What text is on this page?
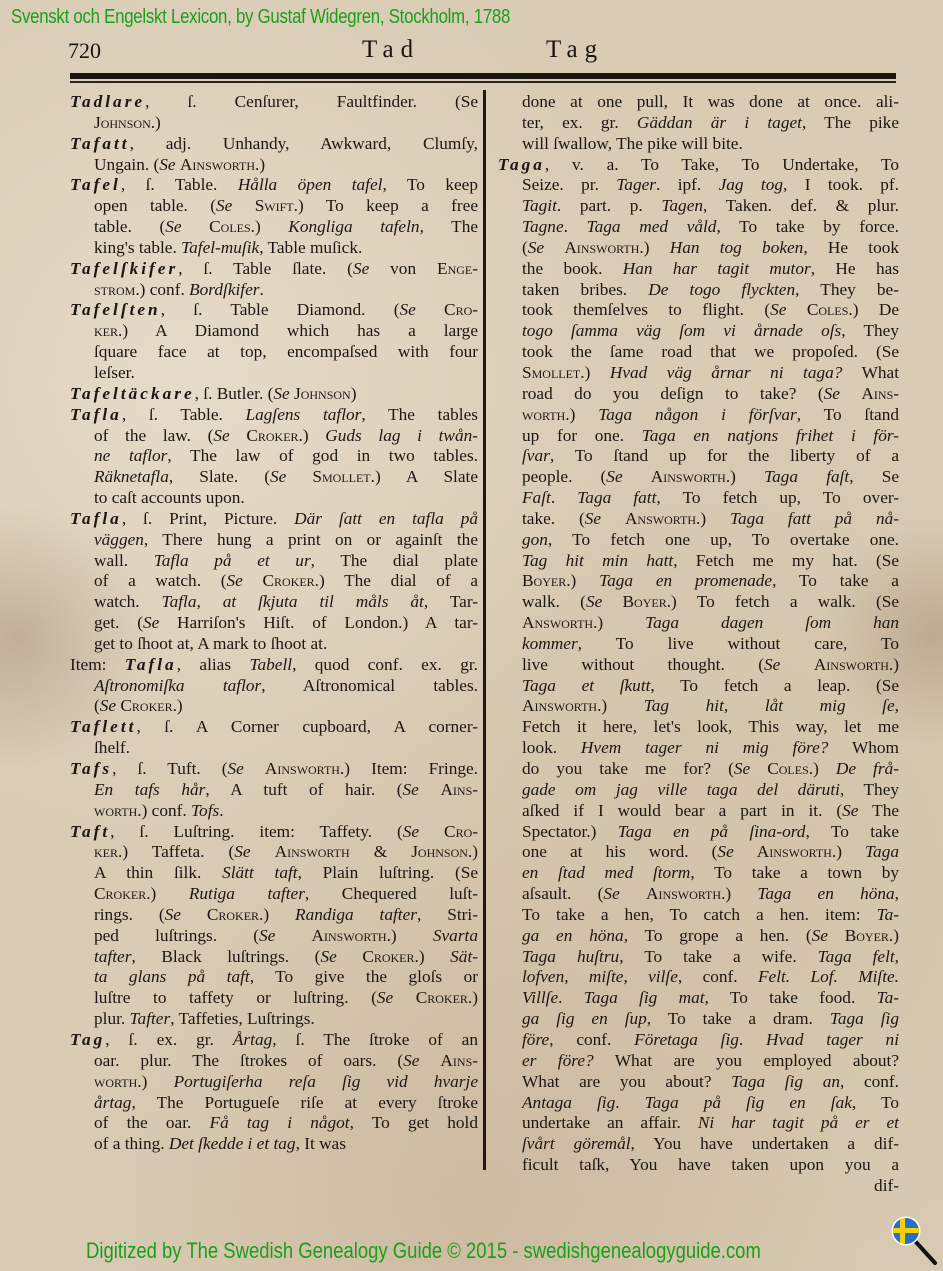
Svenskt och Engelskt Lexicon, by Gustaf Widegren, Stockholm, 1788
720	Tad	Tag
Tadlare, ſ. Cenſurer, Faultfinder. (Se
Johnson.)
Tafatt, adj. Unhandy, Awkward, Clumſy,
Ungain. (Se Ainsworth.)
Tafel, ſ. Table. Hålla öpen tafel, To keep
open table. (Se Swift.) To keep a free
table. (Se Coles.) Kongliga tafeln, The
king's table. Tafel-muſik, Table muſick.
Tafelſkifer, ſ. Table ſlate. (Se von Enge-
strom.) conf. Bordſkifer.
Tafelſten, ſ. Table Diamond. (Se Cro-
ker.) A Diamond which has a large
ſquare face at top, encompaſsed with four
leſser.
Tafeltäckare, ſ. Butler. (Se Johnson)
Tafla, ſ. Table. Lagſens taflor, The tables
of the law. (Se Croker.) Guds lag i twån-
ne taflor, The law of god in two tables.
Räknetafla, Slate. (Se Smollet.) A Slate
to caſt accounts upon.
Tafla, ſ. Print, Picture. Där ſatt en tafla på
väggen, There hung a print on or againſt the
wall. Tafla på et ur, The dial plate
of a watch. (Se Croker.) The dial of a
watch. Tafla, at ſkjuta til måls åt, Tar-
get. (Se Harriſon's Hiſt. of London.) A tar-
get to ſhoot at, A mark to ſhoot at.
Item: Tafla, alias Tabell, quod conf. ex. gr.
Aſtronomiſka taflor, Aſtronomical tables.
(Se Croker.)
Taflett, ſ. A Corner cupboard, A corner-
ſhelf.
Tafs, ſ. Tuft. (Se Ainsworth.) Item: Fringe.
En tafs hår, A tuft of hair. (Se Ains-
worth.) conf. Tofs.
Taft, ſ. Luſtring. item: Taffety. (Se Cro-
ker.) Taffeta. (Se Ainsworth & Johnson.)
A thin ſilk. Slätt taft, Plain luſtring. (Se
Croker.) Rutiga tafter, Chequered luſt-
rings. (Se Croker.) Randiga tafter, Stri-
ped luſtrings. (Se Ainsworth.) Svarta
tafter, Black luſtrings. (Se Croker.) Sät-
ta glans på taft, To give the gloſs or
luſtre to taffety or luſtring. (Se Croker.)
plur. Tafter, Taffeties, Luſtrings.
Tag, ſ. ex. gr. Årtag, ſ. The ſtroke of an
oar. plur. The ſtrokes of oars. (Se Ains-
worth.) Portugiſerha reſa ſig vid hvarje
årtag, The Portugueſe riſe at every ſtroke
of the oar. Få tag i något, To get hold
of a thing. Det ſkedde i et tag, It was
done at one pull, It was done at once. ali-
ter, ex. gr. Gäddan är i taget, The pike
will ſwallow, The pike will bite.
Taga, v. a. To Take, To Undertake, To
Seize. pr. Tager. ipf. Jag tog, I took. pf.
Tagit. part. p. Tagen, Taken. def. & plur.
Tagne. Taga med våld, To take by force.
(Se Ainsworth.) Han tog boken, He took
the book. Han har tagit mutor, He has
taken bribes. De togo flyckten, They be-
took themſelves to flight. (Se Coles.) De
togo ſamma väg ſom vi årnade oſs, They
took the ſame road that we propoſed. (Se
Smollet.) Hvad väg årnar ni taga? What
road do you deſign to take? (Se Ains-
worth.) Taga någon i förſvar, To ſtand
up for one. Taga en natjons frihet i för-
ſvar, To ſtand up for the liberty of a
people. (Se Ainsworth.) Taga faſt, Se
Faſt. Taga fatt, To fetch up, To over-
take. (Se Answorth.) Taga fatt på nå-
gon, To fetch one up, To overtake one.
Tag hit min hatt, Fetch me my hat. (Se
Boyer.) Taga en promenade, To take a
walk. (Se Boyer.) To fetch a walk. (Se
Answorth.) Taga dagen ſom han
kommer, To live without care, To
live without thought. (Se Ainsworth.)
Taga et ſkutt, To fetch a leap. (Se
Ainsworth.) Tag hit, låt mig ſe,
Fetch it here, let's look, This way, let me
look. Hvem tager ni mig före? Whom
do you take me for? (Se Coles.) De frå-
gade om jag ville taga del däruti, They
aſked if I would bear a part in it. (Se The
Spectator.) Taga en på ſina-ord, To take
one at his word. (Se Ainsworth.) Taga
en ſtad med ſtorm, To take a town by
aſsault. (Se Ainsworth.) Taga en höna,
To take a hen, To catch a hen. item: Ta-
ga en höna, To grope a hen. (Se Boyer.)
Taga huſtru, To take a wife. Taga felt,
lofven, miſte, vilſe, conf. Felt. Lof. Miſte.
Villſe. Taga ſig mat, To take food. Ta-
ga ſig en ſup, To take a dram. Taga ſig
före, conf. Företaga ſig. Hvad tager ni
er före? What are you employed about?
What are you about? Taga ſig an, conf.
Antaga ſig. Taga på ſig en ſak, To
undertake an affair. Ni har tagit på er et
ſvårt göremål, You have undertaken a dif-
ficult taſk, You have taken upon you a
dif-
Digitized by The Swedish Genealogy Guide © 2015 - swedishgenealogyguide.com
